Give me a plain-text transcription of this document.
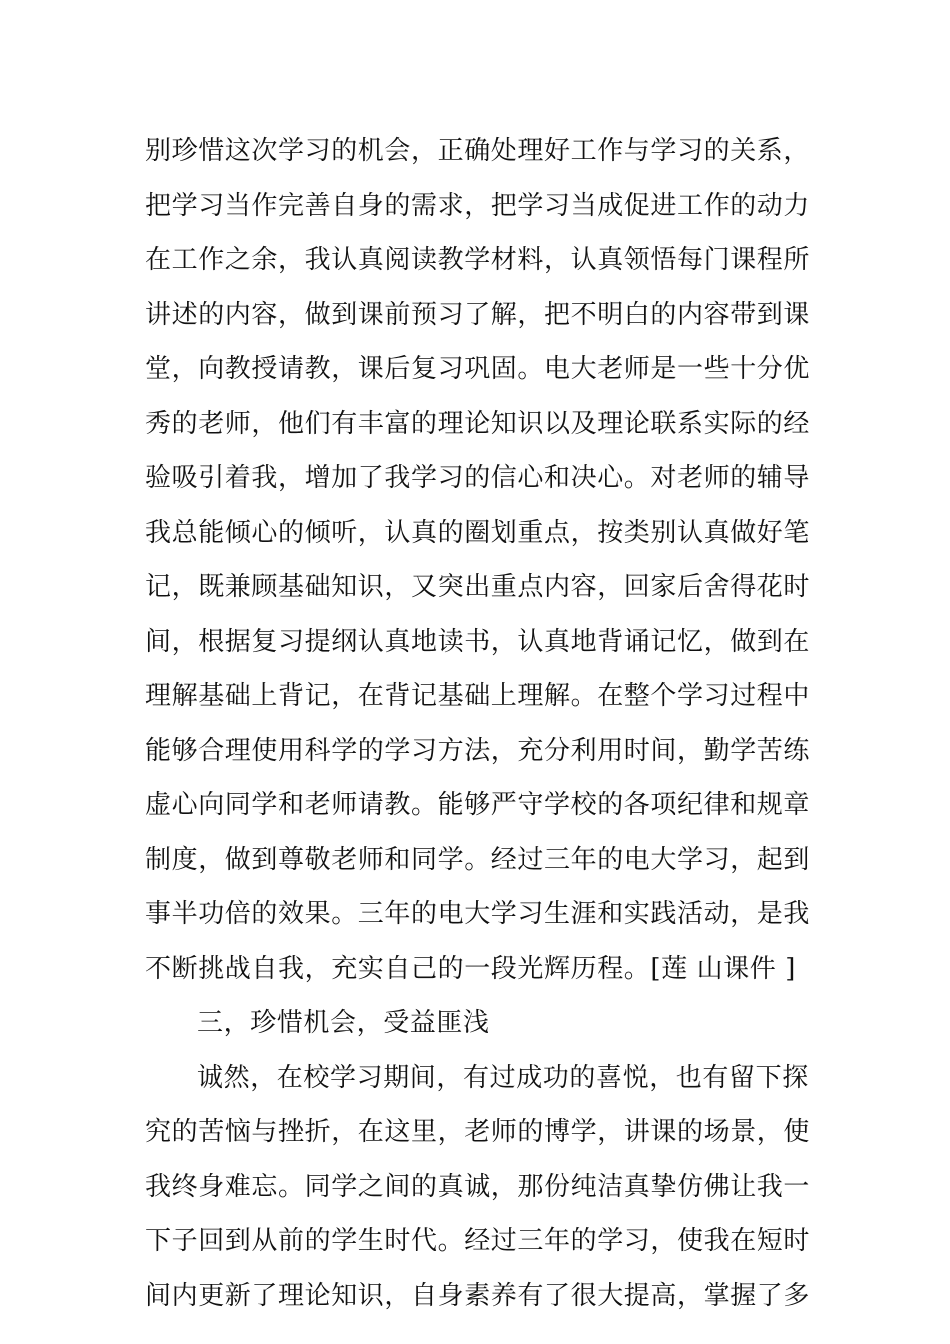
别珍惜这次学习的机会，正确处理好工作与学习的关系，
把学习当作完善自身的需求，把学习当成促进工作的动力
在工作之余，我认真阅读教学材料，认真领悟每门课程所
讲述的内容，做到课前预习了解，把不明白的内容带到课
堂，向教授请教，课后复习巩固。电大老师是一些十分优
秀的老师，他们有丰富的理论知识以及理论联系实际的经
验吸引着我，增加了我学习的信心和决心。对老师的辅导
我总能倾心的倾听，认真的圈划重点，按类别认真做好笔
记，既兼顾基础知识，又突出重点内容，回家后舍得花时
间，根据复习提纲认真地读书，认真地背诵记忆，做到在
理解基础上背记，在背记基础上理解。在整个学习过程中
能够合理使用科学的学习方法，充分利用时间，勤学苦练
虚心向同学和老师请教。能够严守学校的各项纪律和规章
制度，做到尊敬老师和同学。经过三年的电大学习，起到
事半功倍的效果。三年的电大学习生涯和实践活动，是我
不断挑战自我，充实自己的一段光辉历程。[莲 山课件 ]
三，珍惜机会，受益匪浅
诚然，在校学习期间，有过成功的喜悦，也有留下探
究的苦恼与挫折，在这里，老师的博学，讲课的场景，使
我终身难忘。同学之间的真诚，那份纯洁真挚仿佛让我一
下子回到从前的学生时代。经过三年的学习，使我在短时
间内更新了理论知识，自身素养有了很大提高，掌握了多
